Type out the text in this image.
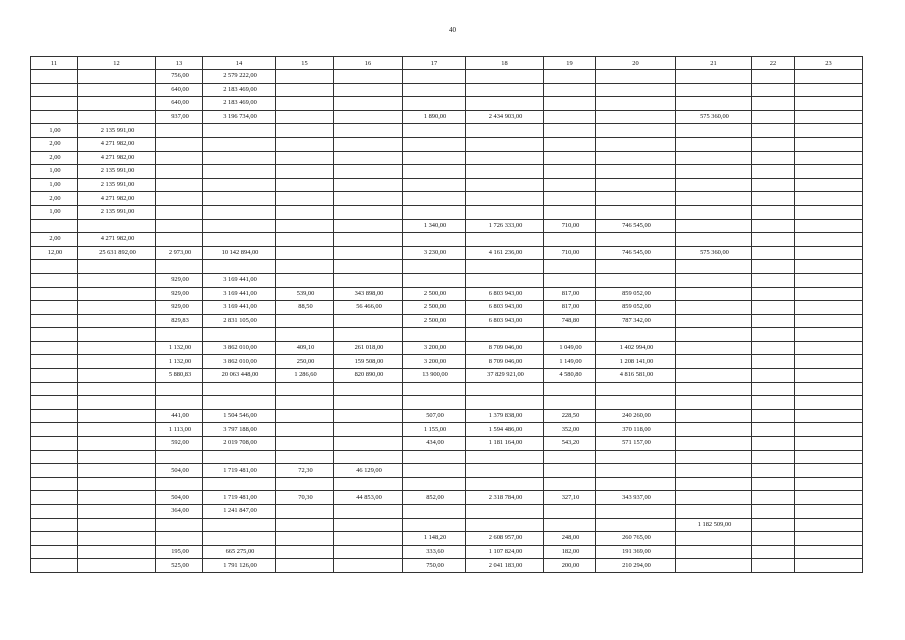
40
11	12	13	14	15	16	17	18	19	20	21	22	23
		756,00	2 579 222,00									
		640,00	2 183 469,00									
		640,00	2 183 469,00									
		937,00	3 196 734,00			1 890,00	2 434 903,00			575 360,00		
1,00	2 135 991,00											
2,00	4 271 982,00											
2,00	4 271 982,00											
1,00	2 135 991,00											
1,00	2 135 991,00											
2,00	4 271 982,00											
1,00	2 135 991,00											
						1 340,00	1 726 333,00	710,00	746 545,00			
2,00	4 271 982,00											
12,00	25 631 892,00	2 973,00	10 142 894,00			3 230,00	4 161 236,00	710,00	746 545,00	575 360,00		

		929,00	3 169 441,00									
		929,00	3 169 441,00	539,00	343 898,00	2 500,00	6 803 943,00	817,00	859 052,00			
		929,00	3 169 441,00	88,50	56 466,00	2 500,00	6 803 943,00	817,00	859 052,00			
		829,83	2 831 105,00			2 500,00	6 803 943,00	748,80	787 342,00			

		1 132,00	3 862 010,00	409,10	261 018,00	3 200,00	8 709 046,00	1 049,00	1 402 994,00			
		1 132,00	3 862 010,00	250,00	159 508,00	3 200,00	8 709 046,00	1 149,00	1 208 141,00			
		5 880,83	20 063 448,00	1 286,60	820 890,00	13 900,00	37 829 921,00	4 580,80	4 816 581,00			

		441,00	1 504 546,00			507,00	1 379 838,00	228,50	240 260,00			
		1 113,00	3 797 188,00			1 155,00	1 594 486,00	352,00	370 118,00			
		592,00	2 019 708,00			434,00	1 181 164,00	543,20	571 157,00			

		504,00	1 719 481,00	72,30	46 129,00							

		504,00	1 719 481,00	70,30	44 853,00	852,00	2 318 784,00	327,10	343 937,00			
		364,00	1 241 847,00									
										1 182 509,00		
						1 148,20	2 608 957,00	248,00	260 765,00			
		195,00	665 275,00			333,60	1 107 824,00	182,00	191 369,00			
		525,00	1 791 126,00			750,00	2 041 183,00	200,00	210 294,00			
